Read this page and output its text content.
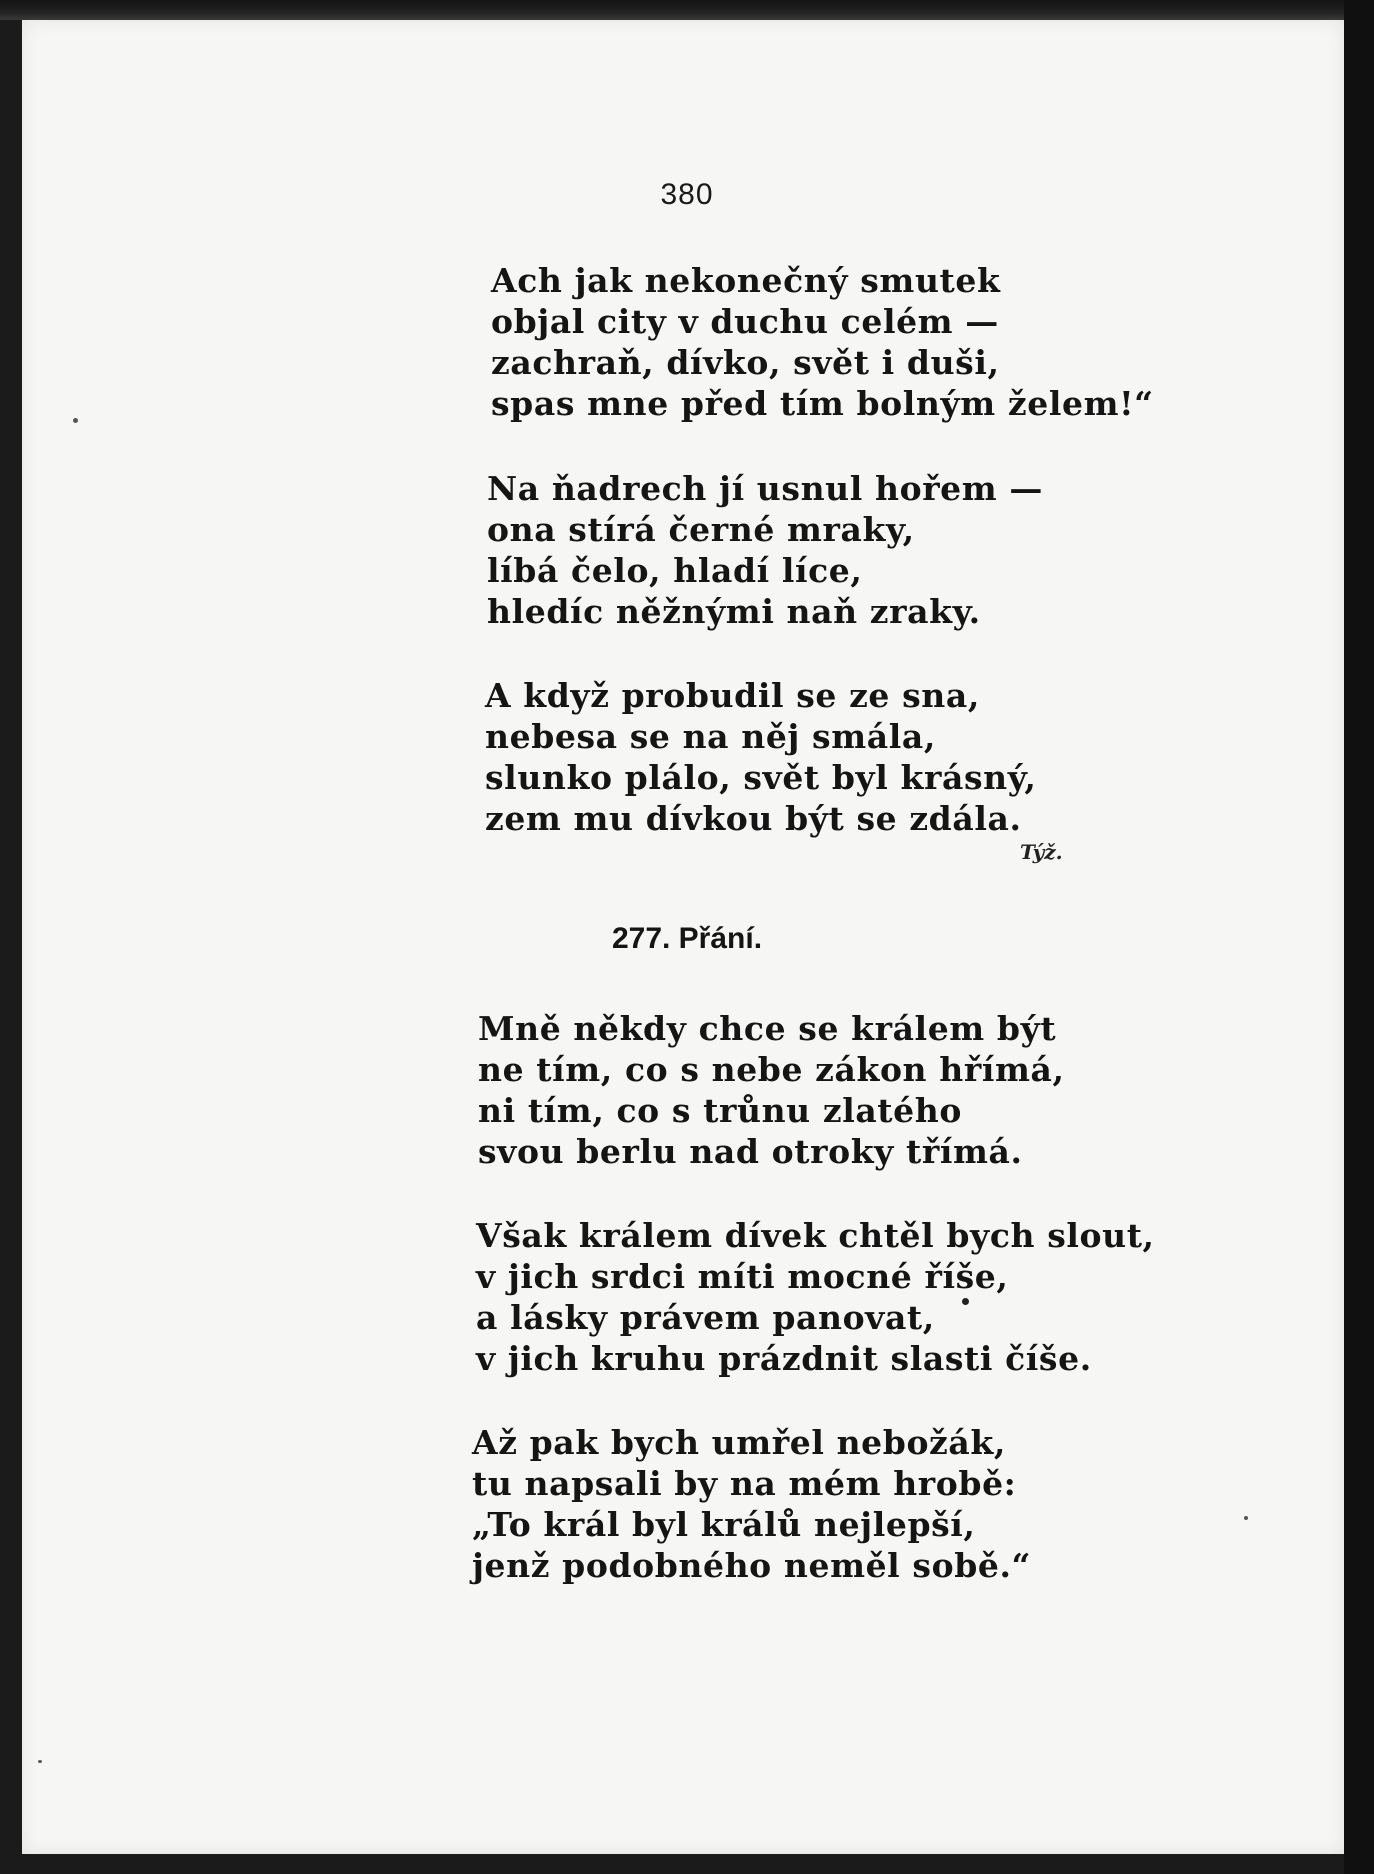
380
Ach jak nekonečný smutek
objal city v duchu celém —
zachraň, dívko, svět i duši,
spas mne před tím bolným želem!“
Na ňadrech jí usnul hořem —
ona stírá černé mraky,
líbá čelo, hladí líce,
hledíc něžnými naň zraky.
A když probudil se ze sna,
nebesa se na něj smála,
slunko plálo, svět byl krásný,
zem mu dívkou být se zdála.
Týž.
277. Přání.
Mně někdy chce se králem být
ne tím, co s nebe zákon hřímá,
ni tím, co s trůnu zlatého
svou berlu nad otroky třímá.
Však králem dívek chtěl bych slout,
v jich srdci míti mocné říše,
a lásky právem panovat,
v jich kruhu prázdnit slasti číše.
Až pak bych umřel nebožák,
tu napsali by na mém hrobě:
„To král byl králů nejlepší,
jenž podobného neměl sobě.“
